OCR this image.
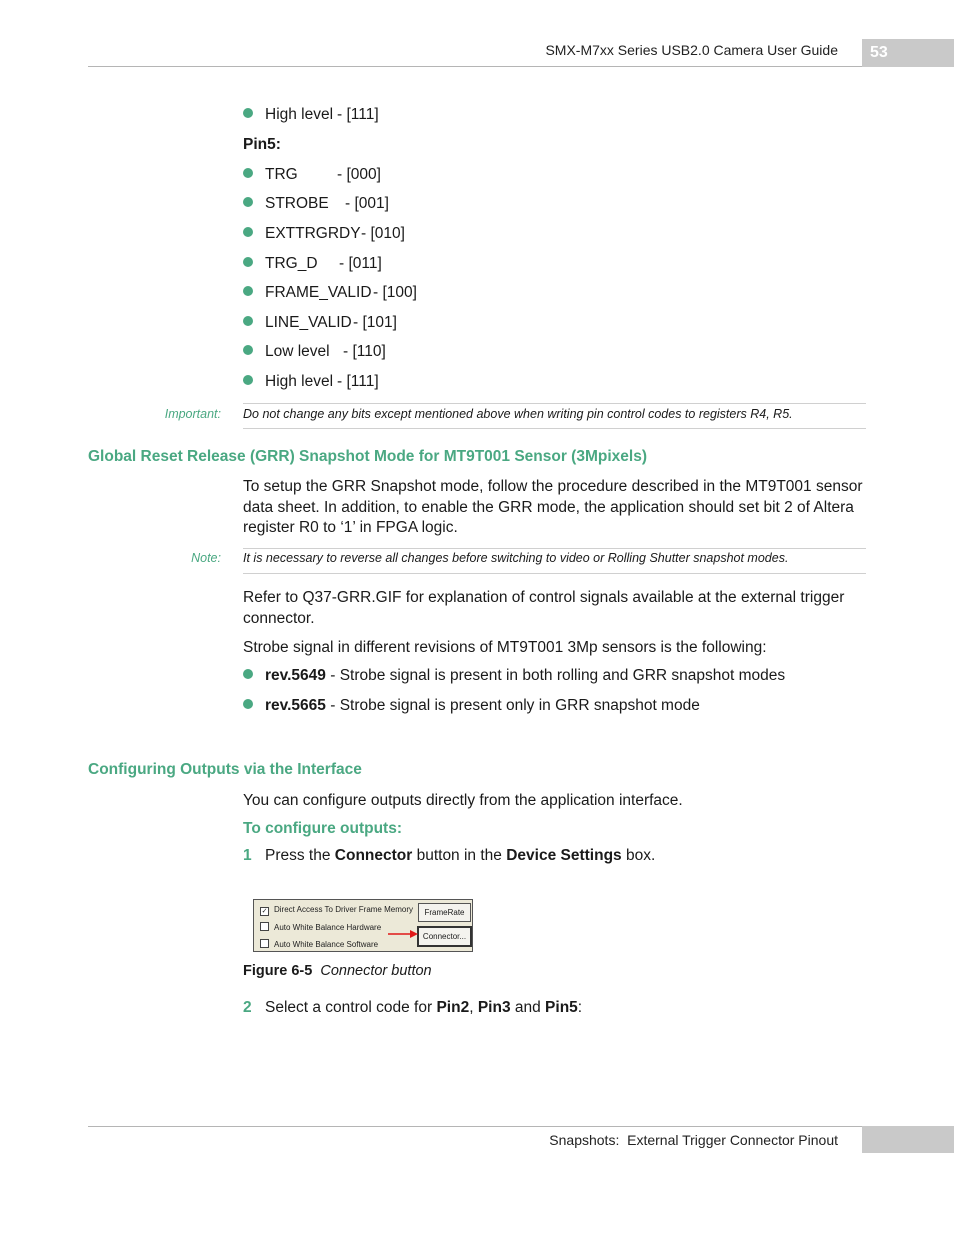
SMX-M7xx Series USB2.0 Camera User Guide	53
High level - [111]
Pin5:
TRG	- [000]
STROBE - [001]
EXTTRGRDY- [010]
TRG_D - [011]
FRAME_VALID- [100]
LINE_VALID- [101]
Low level - [110]
High level - [111]
Important: Do not change any bits except mentioned above when writing pin control codes to registers R4, R5.
Global Reset Release (GRR) Snapshot Mode for MT9T001 Sensor (3Mpixels)
To setup the GRR Snapshot mode, follow the procedure described in the MT9T001 sensor data sheet. In addition, to enable the GRR mode, the application should set bit 2 of Altera register R0 to ‘1’ in FPGA logic.
Note: It is necessary to reverse all changes before switching to video or Rolling Shutter snapshot modes.
Refer to Q37-GRR.GIF for explanation of control signals available at the external trigger connector.
Strobe signal in different revisions of MT9T001 3Mp sensors is the following:
rev.5649 - Strobe signal is present in both rolling and GRR snapshot modes
rev.5665 - Strobe signal is present only in GRR snapshot mode
Configuring Outputs via the Interface
You can configure outputs directly from the application interface.
To configure outputs:
1 Press the Connector button in the Device Settings box.
✓ Direct Access To Driver Frame Memory
Auto White Balance Hardware
Auto White Balance Software
FrameRate
Connector...
Figure 6-5 Connector button
2 Select a control code for Pin2, Pin3 and Pin5:
Snapshots:  External Trigger Connector Pinout
